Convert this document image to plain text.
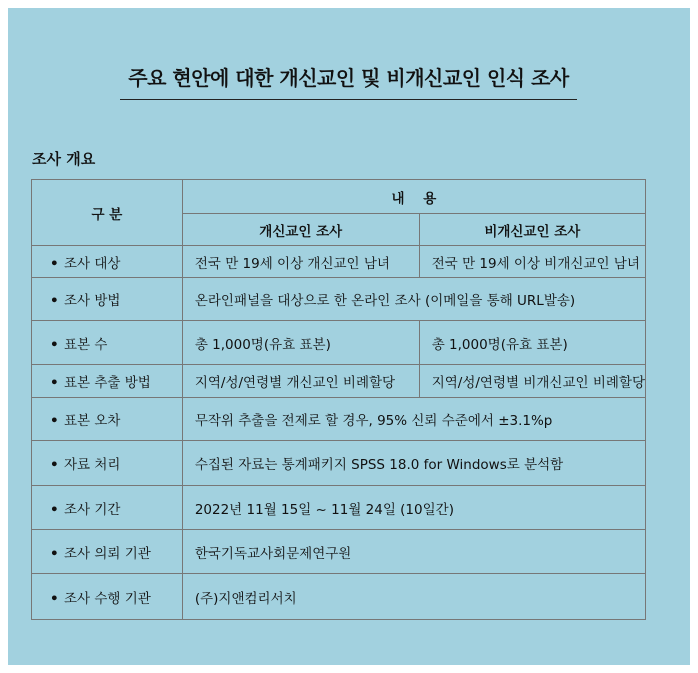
주요 현안에 대한 개신교인 및 비개신교인 인식 조사
조사 개요
구 분	내    용	
	개신교인 조사	비개신교인 조사
• 조사 대상	전국 만 19세 이상 개신교인 남녀	전국 만 19세 이상 비개신교인 남녀
• 조사 방법	온라인패널을 대상으로 한 온라인 조사 (이메일을 통해 URL발송)	
• 표본 수	총 1,000명(유효 표본)	총 1,000명(유효 표본)
• 표본 추출 방법	지역/성/연령별 개신교인 비례할당	지역/성/연령별 비개신교인 비례할당
• 표본 오차	무작위 추출을 전제로 할 경우, 95% 신뢰 수준에서 ±3.1%p	
• 자료 처리	수집된 자료는 통계패키지 SPSS 18.0 for Windows로 분석함	
• 조사 기간	2022년 11월 15일 ~ 11월 24일 (10일간)	
• 조사 의뢰 기관	한국기독교사회문제연구원	
• 조사 수행 기관	(주)지앤컴리서치	
